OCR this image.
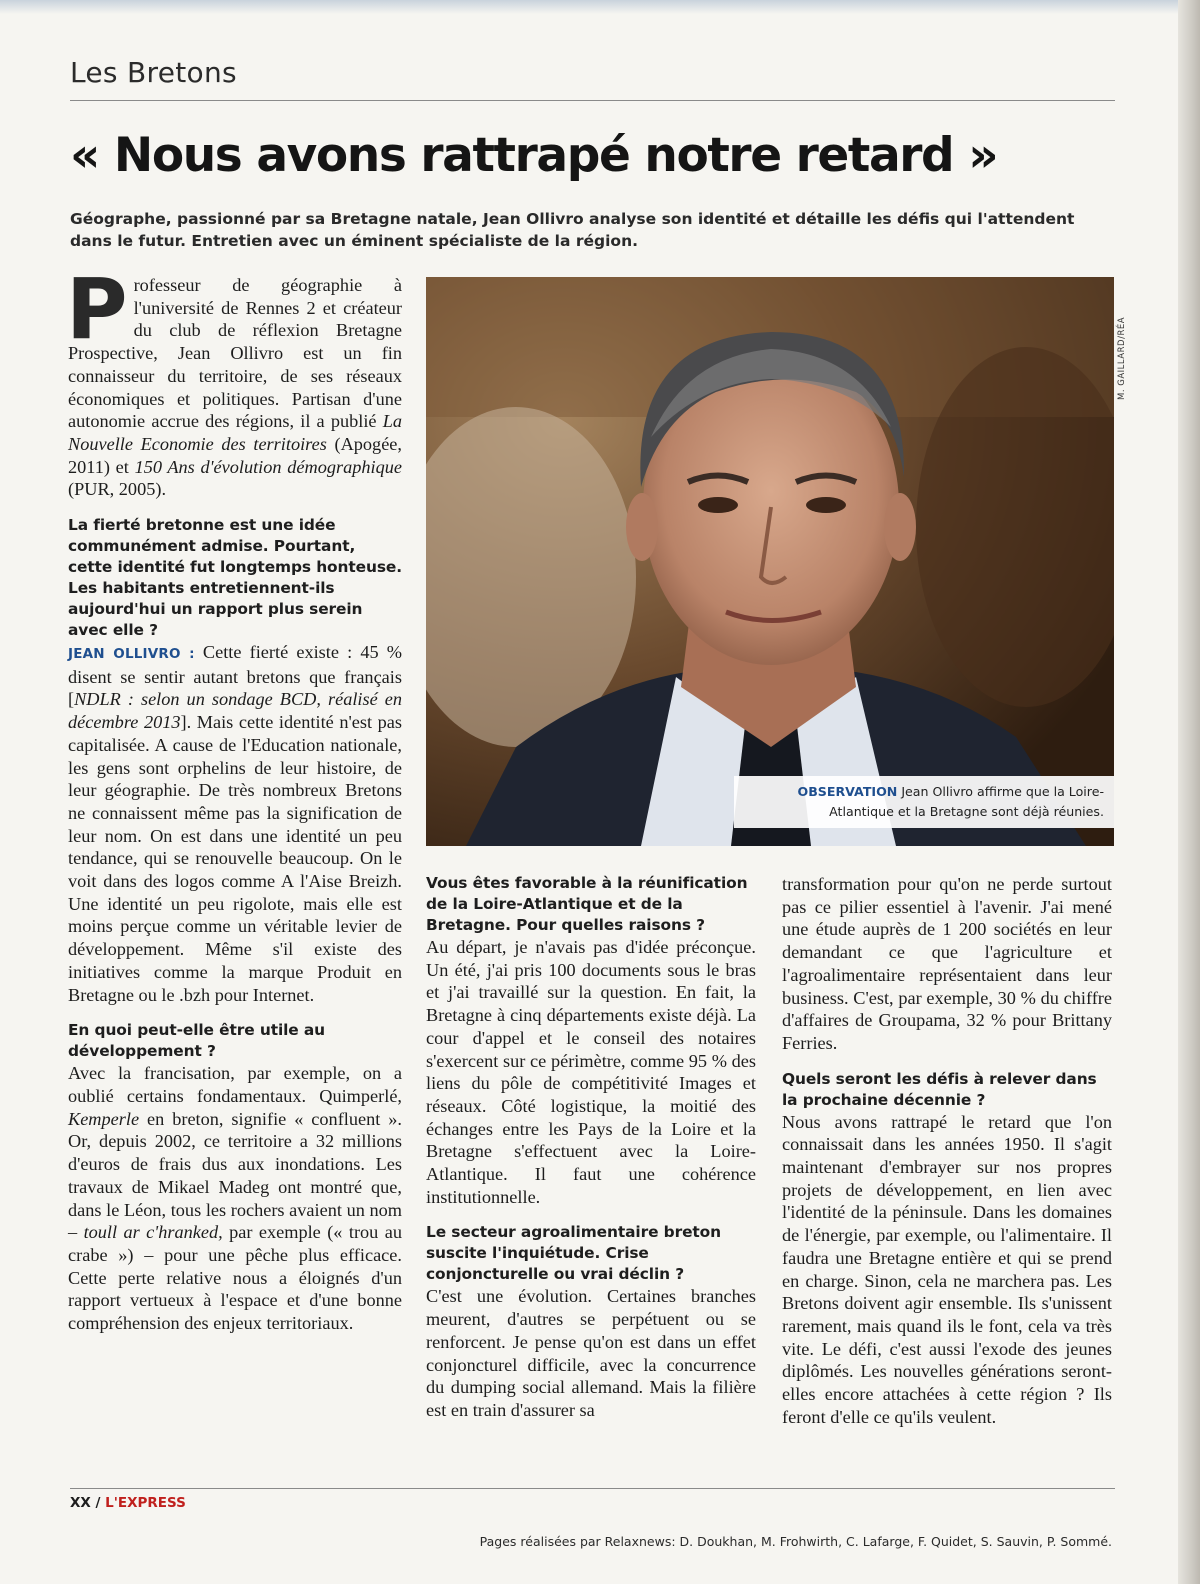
Les Bretons
« Nous avons rattrapé notre retard »
Géographe, passionné par sa Bretagne natale, Jean Ollivro analyse son identité et détaille les défis qui l'attendent dans le futur. Entretien avec un éminent spécialiste de la région.

Professeur de géographie à l'université de Rennes 2 et créateur du club de réflexion Bretagne Prospective, Jean Ollivro est un fin connaisseur du territoire, de ses réseaux économiques et politiques. Partisan d'une autonomie accrue des régions, il a publié La Nouvelle Economie des territoires (Apogée, 2011) et 150 Ans d'évolution démographique (PUR, 2005).

La fierté bretonne est une idée communément admise. Pourtant, cette identité fut longtemps honteuse. Les habitants entretiennent-ils aujourd'hui un rapport plus serein avec elle ?

JEAN OLLIVRO : Cette fierté existe : 45 % disent se sentir autant bretons que français [NDLR : selon un sondage BCD, réalisé en décembre 2013]. Mais cette identité n'est pas capitalisée. A cause de l'Education nationale, les gens sont orphelins de leur histoire, de leur géographie. De très nombreux Bretons ne connaissent même pas la signification de leur nom. On est dans une identité un peu tendance, qui se renouvelle beaucoup. On le voit dans des logos comme A l'Aise Breizh. Une identité un peu rigolote, mais elle est moins perçue comme un véritable levier de développement. Même s'il existe des initiatives comme la marque Produit en Bretagne ou le .bzh pour Internet.

En quoi peut-elle être utile au développement ?

Avec la francisation, par exemple, on a oublié certains fondamentaux. Quimperlé, Kemperle en breton, signifie « confluent ». Or, depuis 2002, ce territoire a 32 millions d'euros de frais dus aux inondations. Les travaux de Mikael Madeg ont montré que, dans le Léon, tous les rochers avaient un nom – toull ar c'hranked, par exemple (« trou au crabe ») – pour une pêche plus efficace. Cette perte relative nous a éloignés d'un rapport vertueux à l'espace et d'une bonne compréhension des enjeux territoriaux.

OBSERVATION Jean Ollivro affirme que la Loire-Atlantique et la Bretagne sont déjà réunies.
M. GAILLARD/RÉA

Vous êtes favorable à la réunification de la Loire-Atlantique et de la Bretagne. Pour quelles raisons ?

Au départ, je n'avais pas d'idée préconçue. Un été, j'ai pris 100 documents sous le bras et j'ai travaillé sur la question. En fait, la Bretagne à cinq départements existe déjà. La cour d'appel et le conseil des notaires s'exercent sur ce périmètre, comme 95 % des liens du pôle de compétitivité Images et réseaux. Côté logistique, la moitié des échanges entre les Pays de la Loire et la Bretagne s'effectuent avec la Loire-Atlantique. Il faut une cohérence institutionnelle.

Le secteur agroalimentaire breton suscite l'inquiétude. Crise conjoncturelle ou vrai déclin ?

C'est une évolution. Certaines branches meurent, d'autres se perpétuent ou se renforcent. Je pense qu'on est dans un effet conjoncturel difficile, avec la concurrence du dumping social allemand. Mais la filière est en train d'assurer sa

transformation pour qu'on ne perde surtout pas ce pilier essentiel à l'avenir. J'ai mené une étude auprès de 1 200 sociétés en leur demandant ce que l'agriculture et l'agroalimentaire représentaient dans leur business. C'est, par exemple, 30 % du chiffre d'affaires de Groupama, 32 % pour Brittany Ferries.

Quels seront les défis à relever dans la prochaine décennie ?

Nous avons rattrapé le retard que l'on connaissait dans les années 1950. Il s'agit maintenant d'embrayer sur nos propres projets de développement, en lien avec l'identité de la péninsule. Dans les domaines de l'énergie, par exemple, ou l'alimentaire. Il faudra une Bretagne entière et qui se prend en charge. Sinon, cela ne marchera pas. Les Bretons doivent agir ensemble. Ils s'unissent rarement, mais quand ils le font, cela va très vite. Le défi, c'est aussi l'exode des jeunes diplômés. Les nouvelles générations seront-elles encore attachées à cette région ? Ils feront d'elle ce qu'ils veulent.

XX / L'EXPRESS
Pages réalisées par Relaxnews: D. Doukhan, M. Frohwirth, C. Lafarge, F. Quidet, S. Sauvin, P. Sommé.
